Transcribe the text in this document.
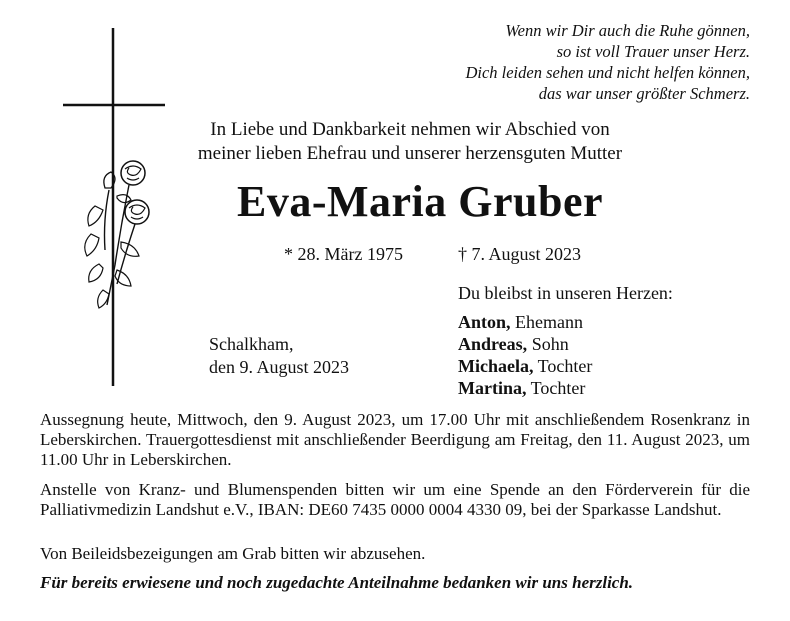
Wenn wir Dir auch die Ruhe gönnen,
so ist voll Trauer unser Herz.
Dich leiden sehen und nicht helfen können,
das war unser größter Schmerz.
In Liebe und Dankbarkeit nehmen wir Abschied von
meiner lieben Ehefrau und unserer herzensguten Mutter
Eva-Maria Gruber
* 28. März 1975	† 7. August 2023
Du bleibst in unseren Herzen:
Schalkham,
den 9. August 2023
Anton, Ehemann
Andreas, Sohn
Michaela, Tochter
Martina, Tochter
Aussegnung heute, Mittwoch, den 9. August 2023, um 17.00 Uhr mit anschließendem Rosenkranz in Leberskirchen. Trauergottesdienst mit anschließender Beerdigung am Freitag, den 11. August 2023, um 11.00 Uhr in Leberskirchen.
Anstelle von Kranz- und Blumenspenden bitten wir um eine Spende an den Förderverein für die Palliativmedizin Landshut e.V., IBAN: DE60 7435 0000 0004 4330 09, bei der Sparkasse Landshut.
Von Beileidsbezeigungen am Grab bitten wir abzusehen.
Für bereits erwiesene und noch zugedachte Anteilnahme bedanken wir uns herzlich.
